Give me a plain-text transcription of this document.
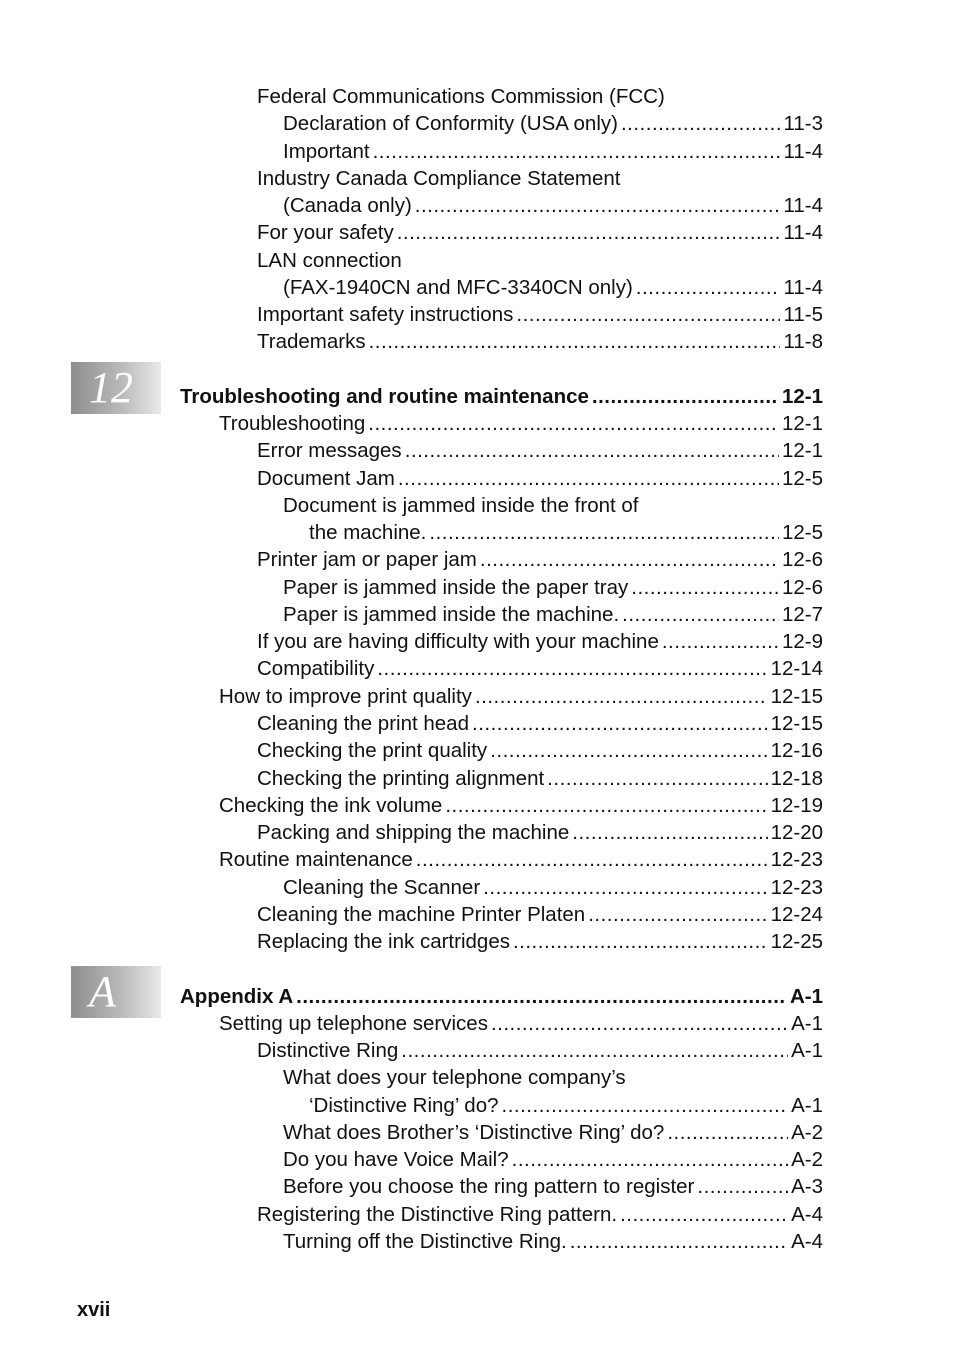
12
A
Federal Communications Commission (FCC)
Declaration of Conformity (USA only) .....	11-3
Important .....	11-4
Industry Canada Compliance Statement
(Canada only) .....	11-4
For your safety .....	11-4
LAN connection
(FAX-1940CN and MFC-3340CN only) .....	11-4
Important safety instructions .....	11-5
Trademarks .....	11-8
Troubleshooting and routine maintenance .....	12-1
Troubleshooting .....	12-1
Error messages .....	12-1
Document Jam .....	12-5
Document is jammed inside the front of
the machine. .....	12-5
Printer jam or paper jam .....	12-6
Paper is jammed inside the paper tray .....	12-6
Paper is jammed inside the machine. .....	12-7
If you are having difficulty with your machine .....	12-9
Compatibility .....	12-14
How to improve print quality .....	12-15
Cleaning the print head .....	12-15
Checking the print quality .....	12-16
Checking the printing alignment .....	12-18
Checking the ink volume .....	12-19
Packing and shipping the machine .....	12-20
Routine maintenance .....	12-23
Cleaning the Scanner .....	12-23
Cleaning the machine Printer Platen .....	12-24
Replacing the ink cartridges .....	12-25
Appendix A .....	A-1
Setting up telephone services .....	A-1
Distinctive Ring .....	A-1
What does your telephone company’s
‘Distinctive Ring’ do? .....	A-1
What does Brother’s ‘Distinctive Ring’ do? .....	A-2
Do you have Voice Mail? .....	A-2
Before you choose the ring pattern to register .....	A-3
Registering the Distinctive Ring pattern. .....	A-4
Turning off the Distinctive Ring. .....	A-4
xvii
